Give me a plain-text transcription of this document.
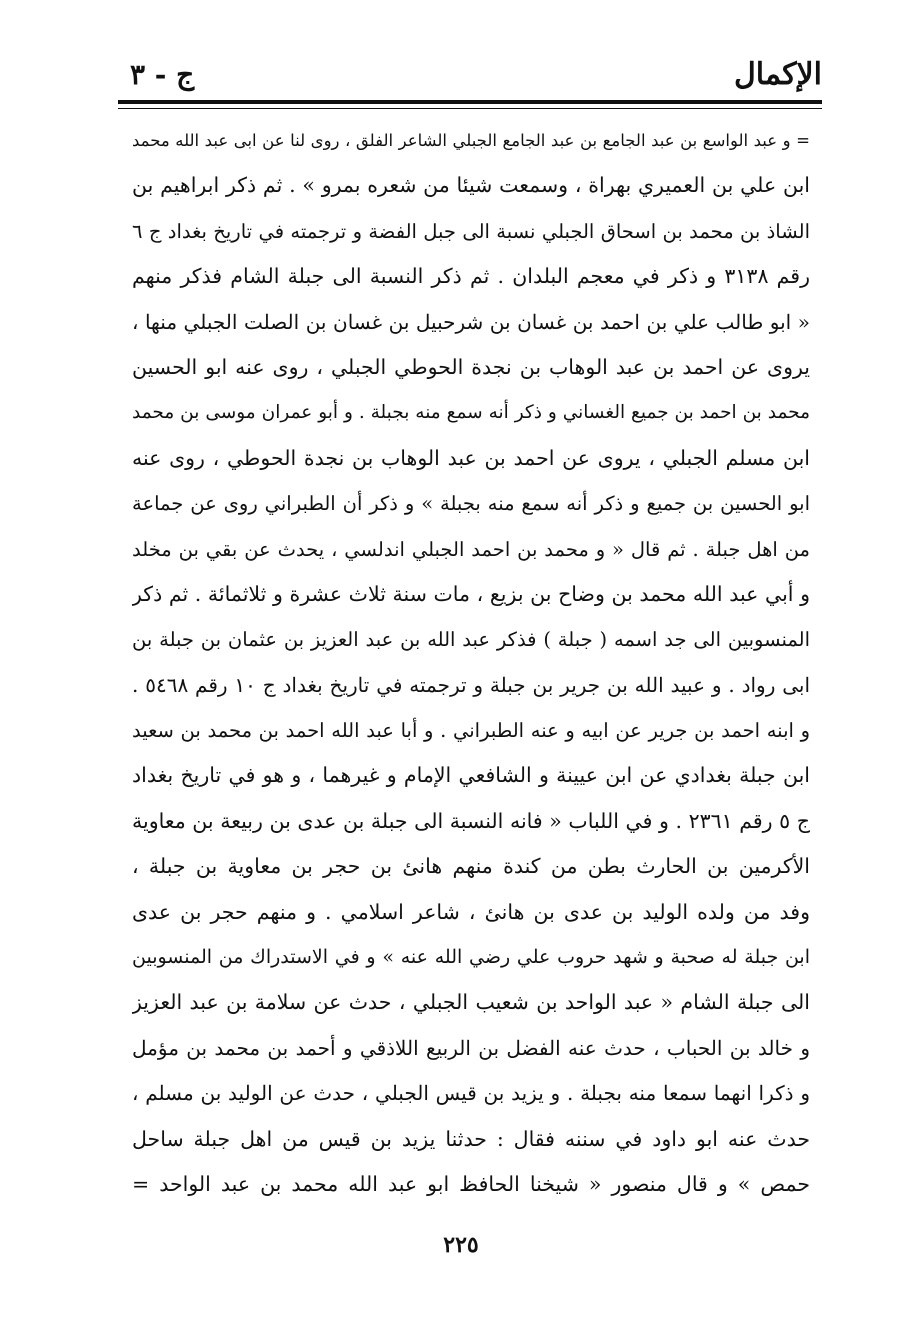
الإكمال
ج - ٣
= و عبد الواسع بن عبد الجامع بن عبد الجامع الجبلي الشاعر الفلق ، روى لنا عن ابى عبد الله محمد
ابن علي بن العميري بهراة ، وسمعت شيئا من شعره بمرو » . ثم ذكر ابراهيم بن
الشاذ بن محمد بن اسحاق الجبلي نسبة الى جبل الفضة و ترجمته في تاريخ بغداد ج ٦
رقم ٣١٣٨ و ذكر في معجم البلدان . ثم ذكر النسبة الى جبلة الشام فذكر منهم
« ابو طالب علي بن احمد بن غسان بن شرحبيل بن غسان بن الصلت الجبلي منها ،
يروى عن احمد بن عبد الوهاب بن نجدة الحوطي الجبلي ، روى عنه ابو الحسين
محمد بن احمد بن جميع الغساني و ذكر أنه سمع منه بجبلة . و أبو عمران موسى بن محمد
ابن مسلم الجبلي ، يروى عن احمد بن عبد الوهاب بن نجدة الحوطي ، روى عنه
ابو الحسين بن جميع و ذكر أنه سمع منه بجبلة » و ذكر أن الطبراني روى عن جماعة
من اهل جبلة . ثم قال « و محمد بن احمد الجبلي اندلسي ، يحدث عن بقي بن مخلد
و أبي عبد الله محمد بن وضاح بن بزيع ، مات سنة ثلاث عشرة و ثلاثمائة . ثم ذكر
المنسوبين الى جد اسمه ( جبلة ) فذكر عبد الله بن عبد العزيز بن عثمان بن جبلة بن
ابى رواد . و عبيد الله بن جرير بن جبلة و ترجمته في تاريخ بغداد ج ١٠ رقم ٥٤٦٨ .
و ابنه احمد بن جرير عن ابيه و عنه الطبراني . و أبا عبد الله احمد بن محمد بن سعيد
ابن جبلة بغدادي عن ابن عيينة و الشافعي الإمام و غيرهما ، و هو في تاريخ بغداد
ج ٥ رقم ٢٣٦١ . و في اللباب « فانه النسبة الى جبلة بن عدى بن ربيعة بن معاوية
الأكرمين بن الحارث بطن من كندة منهم هانئ بن حجر بن معاوية بن جبلة ،
وفد من ولده الوليد بن عدى بن هانئ ، شاعر اسلامي . و منهم حجر بن عدى
ابن جبلة له صحبة و شهد حروب علي رضي الله عنه » و في الاستدراك من المنسوبين
الى جبلة الشام « عبد الواحد بن شعيب الجبلي ، حدث عن سلامة بن عبد العزيز
و خالد بن الحباب ، حدث عنه الفضل بن الربيع اللاذقي و أحمد بن محمد بن مؤمل
و ذكرا انهما سمعا منه بجبلة . و يزيد بن قيس الجبلي ، حدث عن الوليد بن مسلم ،
حدث عنه ابو داود في سننه فقال : حدثنا يزيد بن قيس من اهل جبلة ساحل
حمص » و قال منصور « شيخنا الحافظ ابو عبد الله محمد بن عبد الواحد =
٢٢٥
